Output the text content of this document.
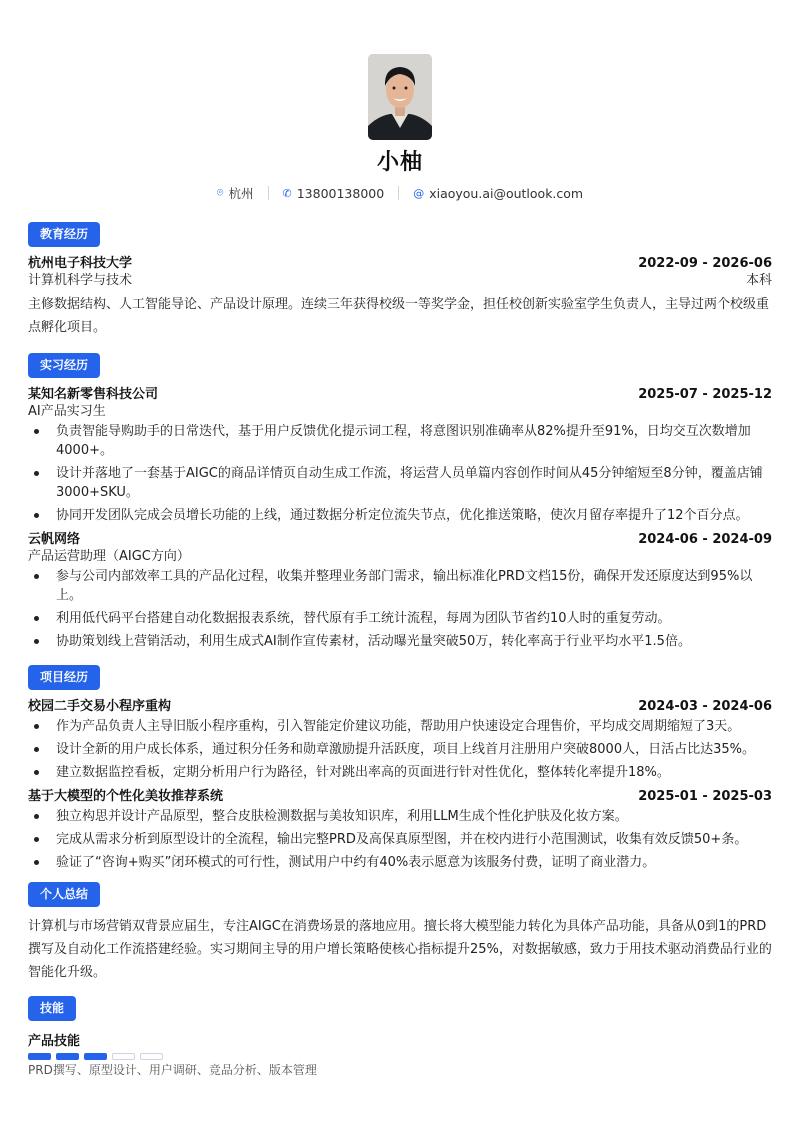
小柚
⌾ 杭州	✆ 13800138000	@ xiaoyou.ai@outlook.com
教育经历
杭州电子科技大学	2022-09 - 2026-06
计算机科学与技术	本科

主修数据结构、人工智能导论、产品设计原理。连续三年获得校级一等奖学金，担任校创新实验室学生负责人，主导过两个校级重点孵化项目。

实习经历
某知名新零售科技公司	2025-07 - 2025-12
AI产品实习生
负责智能导购助手的日常迭代，基于用户反馈优化提示词工程，将意图识别准确率从82%提升至91%，日均交互次数增加4000+。
设计并落地了一套基于AIGC的商品详情页自动生成工作流，将运营人员单篇内容创作时间从45分钟缩短至8分钟，覆盖店铺3000+SKU。
协同开发团队完成会员增长功能的上线，通过数据分析定位流失节点，优化推送策略，使次月留存率提升了12个百分点。
云帆网络	2024-06 - 2024-09
产品运营助理（AIGC方向）
参与公司内部效率工具的产品化过程，收集并整理业务部门需求，输出标准化PRD文档15份，确保开发还原度达到95%以上。
利用低代码平台搭建自动化数据报表系统，替代原有手工统计流程，每周为团队节省约10人时的重复劳动。
协助策划线上营销活动，利用生成式AI制作宣传素材，活动曝光量突破50万，转化率高于行业平均水平1.5倍。
项目经历
校园二手交易小程序重构	2024-03 - 2024-06
作为产品负责人主导旧版小程序重构，引入智能定价建议功能，帮助用户快速设定合理售价，平均成交周期缩短了3天。
设计全新的用户成长体系，通过积分任务和勋章激励提升活跃度，项目上线首月注册用户突破8000人，日活占比达35%。
建立数据监控看板，定期分析用户行为路径，针对跳出率高的页面进行针对性优化，整体转化率提升18%。
基于大模型的个性化美妆推荐系统	2025-01 - 2025-03
独立构思并设计产品原型，整合皮肤检测数据与美妆知识库，利用LLM生成个性化护肤及化妆方案。
完成从需求分析到原型设计的全流程，输出完整PRD及高保真原型图，并在校内进行小范围测试，收集有效反馈50+条。
验证了“咨询+购买”闭环模式的可行性，测试用户中约有40%表示愿意为该服务付费，证明了商业潜力。
个人总结

计算机与市场营销双背景应届生，专注AIGC在消费场景的落地应用。擅长将大模型能力转化为具体产品功能，具备从0到1的PRD撰写及自动化工作流搭建经验。实习期间主导的用户增长策略使核心指标提升25%，对数据敏感，致力于用技术驱动消费品行业的智能化升级。

技能
产品技能
PRD撰写、原型设计、用户调研、竞品分析、版本管理
